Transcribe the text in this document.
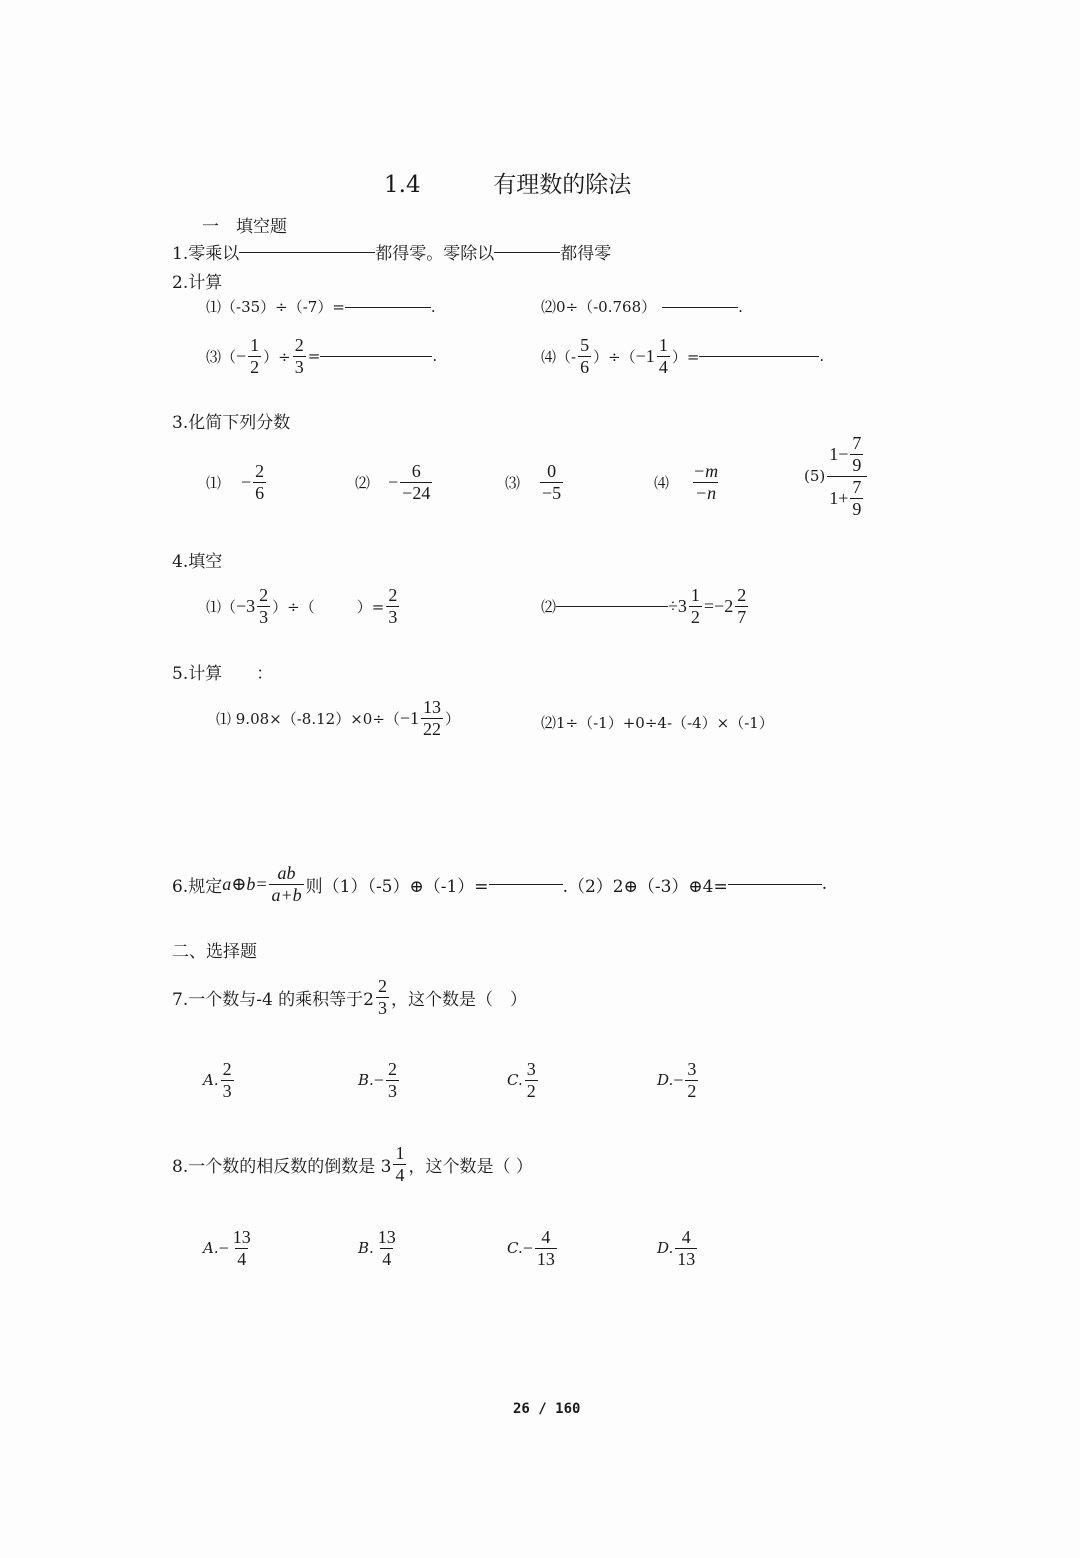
1.4	有理数的除法
一　填空题
1.零乘以	都得零。零除以	都得零
2.计算
⑴（-35）÷（-7）=	.	⑵0÷（-0.768）	.
⑶（ − $\frac{1}{2}$ ）÷ $\frac{2}{3}$ =	.	⑷（- $\frac{5}{6}$ ）÷（ $-1 \frac{1}{4}$ ）=	.
3.化简下列分数
⑴ − $\frac{2}{6}$	⑵ − $\frac{6}{-24}$	⑶ $\frac{0}{-5}$	⑷ $\frac{-m}{-n}$	$(5) \frac{1- \frac{7}{9}}{1+ \frac{7}{9}}$
4.填空
⑴（ $-3 \frac{2}{3}$ ）÷（	）= $\frac{2}{3}$	⑵	$\div 3 \frac{1}{2} =-2 \frac{2}{7}$
5.计算　　：
⑴ $9.08\times(-8.12)\times 0\div( -1 \frac{13}{22}$ ）	⑵1÷（-1）+0÷4-（-4）×（-1）
6.规定 a⊕b= $\frac{ab}{a+b}$ 则（1）（-5）⊕（-1）=	.（2）2⊕（-3）⊕4=	.
二、选择题
7.一个数与-4 的乘积等于$2 \frac{2}{3}$ ，这个数是（　）
A. $\frac{2}{3}$	B. − $\frac{2}{3}$	C. $\frac{3}{2}$	D. − $\frac{3}{2}$
8.一个数的相反数的倒数是 $3 \frac{1}{4}$ ，这个数是（ ）
A. − $\frac{13}{4}$	B. $\frac{13}{4}$	C. − $\frac{4}{13}$	D. $\frac{4}{13}$
26 / 160
